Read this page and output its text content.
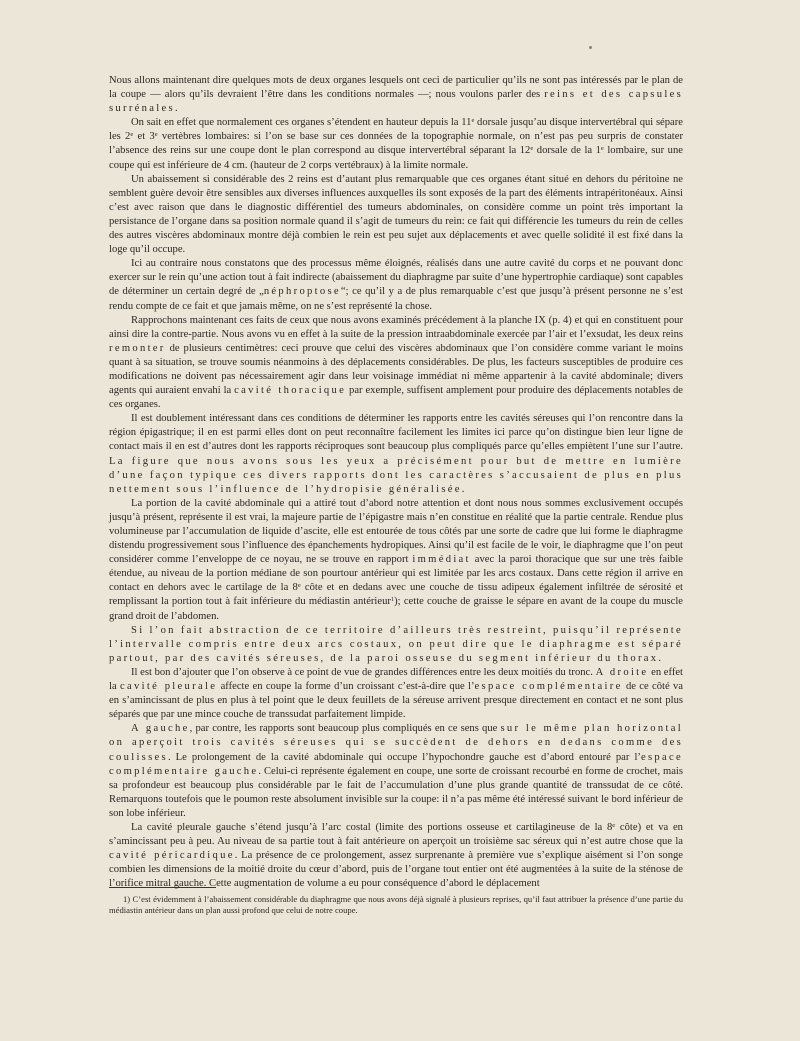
Nous allons maintenant dire quelques mots de deux organes lesquels ont ceci de particulier qu’ils ne sont pas intéressés par le plan de la coupe — alors qu’ils devraient l’être dans les conditions normales —; nous voulons parler des reins et des capsules surrénales.

On sait en effet que normalement ces organes s’étendent en hauteur depuis la 11e dorsale jusqu’au disque intervertébral qui sépare les 2e et 3e vertèbres lombaires: si l’on se base sur ces données de la topographie normale, on n’est pas peu surpris de constater l’absence des reins sur une coupe dont le plan correspond au disque intervertébral séparant la 12e dorsale de la 1e lombaire, sur une coupe qui est inférieure de 4 cm. (hauteur de 2 corps vertébraux) à la limite normale.

Un abaissement si considérable des 2 reins est d’autant plus remarquable que ces organes étant situé en dehors du péritoine ne semblent guère devoir être sensibles aux diverses influences auxquelles ils sont exposés de la part des éléments intrapéritonéaux. Ainsi c’est avec raison que dans le diagnostic différentiel des tumeurs abdominales, on considère comme un point très important la persistance de l’organe dans sa position normale quand il s’agit de tumeurs du rein: ce fait qui différencie les tumeurs du rein de celles des autres viscères abdominaux montre déjà combien le rein est peu sujet aux déplacements et avec quelle solidité il est fixé dans la loge qu’il occupe.

Ici au contraire nous constatons que des processus même éloignés, réalisés dans une autre cavité du corps et ne pouvant donc exercer sur le rein qu’une action tout à fait indirecte (abaissement du diaphragme par suite d’une hypertrophie cardiaque) sont capables de déterminer un certain degré de „néphroptose“; ce qu’il y a de plus remarquable c’est que jusqu’à présent personne ne s’est rendu compte de ce fait et que jamais même, on ne s’est représenté la chose.

Rapprochons maintenant ces faits de ceux que nous avons examinés précédement à la planche IX (p. 4) et qui en constituent pour ainsi dire la contre-partie. Nous avons vu en effet à la suite de la pression intraabdominale exercée par l’air et l’exsudat, les deux reins remonter de plusieurs centimètres: ceci prouve que celui des viscères abdominaux que l’on considère comme variant le moins quant à sa situation, se trouve soumis néanmoins à des déplacements considérables. De plus, les facteurs susceptibles de produire ces modifications ne doivent pas nécessairement agir dans leur voisinage immédiat ni même appartenir à la cavité abdominale; divers agents qui auraient envahi la cavité thoracique par exemple, suffisent amplement pour produire des déplacements notables de ces organes.

Il est doublement intéressant dans ces conditions de déterminer les rapports entre les cavités séreuses qui l’on rencontre dans la région épigastrique; il en est parmi elles dont on peut reconnaître facilement les limites ici parce qu’on distingue bien leur ligne de contact mais il en est d’autres dont les rapports réciproques sont beaucoup plus compliqués parce qu’elles empiètent l’une sur l’autre. La figure que nous avons sous les yeux a précisément pour but de mettre en lumière d’une façon typique ces divers rapports dont les caractères s’accusaient de plus en plus nettement sous l’influence de l’hydropisie généralisée.

La portion de la cavité abdominale qui a attiré tout d’abord notre attention et dont nous nous sommes exclusivement occupés jusqu’à présent, représente il est vrai, la majeure partie de l’épigastre mais n’en constitue en réalité que la partie centrale. Rendue plus volumineuse par l’accumulation de liquide d’ascite, elle est entourée de tous côtés par une sorte de cadre que lui forme le diaphragme distendu progressivement sous l’influence des épanchements hydropiques. Ainsi qu’il est facile de le voir, le diaphragme que l’on peut considérer comme l’enveloppe de ce noyau, ne se trouve en rapport immédiat avec la paroi thoracique que sur une très faible étendue, au niveau de la portion médiane de son pourtour antérieur qui est limitée par les arcs costaux. Dans cette région il arrive en contact en dehors avec le cartilage de la 8e côte et en dedans avec une couche de tissu adipeux également infiltrée de sérosité et remplissant la portion tout à fait inférieure du médiastin antérieur$^1$); cette couche de graisse le sépare en avant de la coupe du muscle grand droit de l’abdomen.

Si l’on fait abstraction de ce territoire d’ailleurs très restreint, puisqu’il représente l’intervalle compris entre deux arcs costaux, on peut dire que le diaphragme est séparé partout, par des cavités séreuses, de la paroi osseuse du segment inférieur du thorax.

Il est bon d’ajouter que l’on observe à ce point de vue de grandes différences entre les deux moitiés du tronc. A droite en effet la cavité pleurale affecte en coupe la forme d’un croissant c’est-à-dire que l’espace complémentaire de ce côté va en s’amincissant de plus en plus à tel point que le deux feuillets de la séreuse arrivent presque directement en contact et ne sont plus séparés que par une mince couche de transsudat parfaitement limpide.

A gauche, par contre, les rapports sont beaucoup plus compliqués en ce sens que sur le même plan horizontal on aperçoit trois cavités séreuses qui se succèdent de dehors en dedans comme des coulisses. Le prolongement de la cavité abdominale qui occupe l’hypochondre gauche est d’abord entouré par l’espace complémentaire gauche. Celui-ci représente également en coupe, une sorte de croissant recourbé en forme de crochet, mais sa profondeur est beaucoup plus considérable par le fait de l’accumulation d’une plus grande quantité de transsudat de ce côté. Remarquons toutefois que le poumon reste absolument invisible sur la coupe: il n’a pas même été intéressé suivant le bord inférieur de son lobe inférieur.

La cavité pleurale gauche s’étend jusqu’à l’arc costal (limite des portions osseuse et cartilagineuse de la 8e côte) et va en s’amincissant peu à peu. Au niveau de sa partie tout à fait antérieure on aperçoit un troisième sac séreux qui n’est autre chose que la cavité péricardique. La présence de ce prolongement, assez surprenante à première vue s’explique aisément si l’on songe combien les dimensions de la moitié droite du cœur d’abord, puis de l’organe tout entier ont été augmentées à la suite de la sténose de l’orifice mitral gauche. Cette augmentation de volume a eu pour conséquence d’abord le déplacement

1) C’est évidemment à l’abaissement considérable du diaphragme que nous avons déjà signalé à plusieurs reprises, qu’il faut attribuer la présence d’une partie du médiastin antérieur dans un plan aussi profond que celui de notre coupe.
